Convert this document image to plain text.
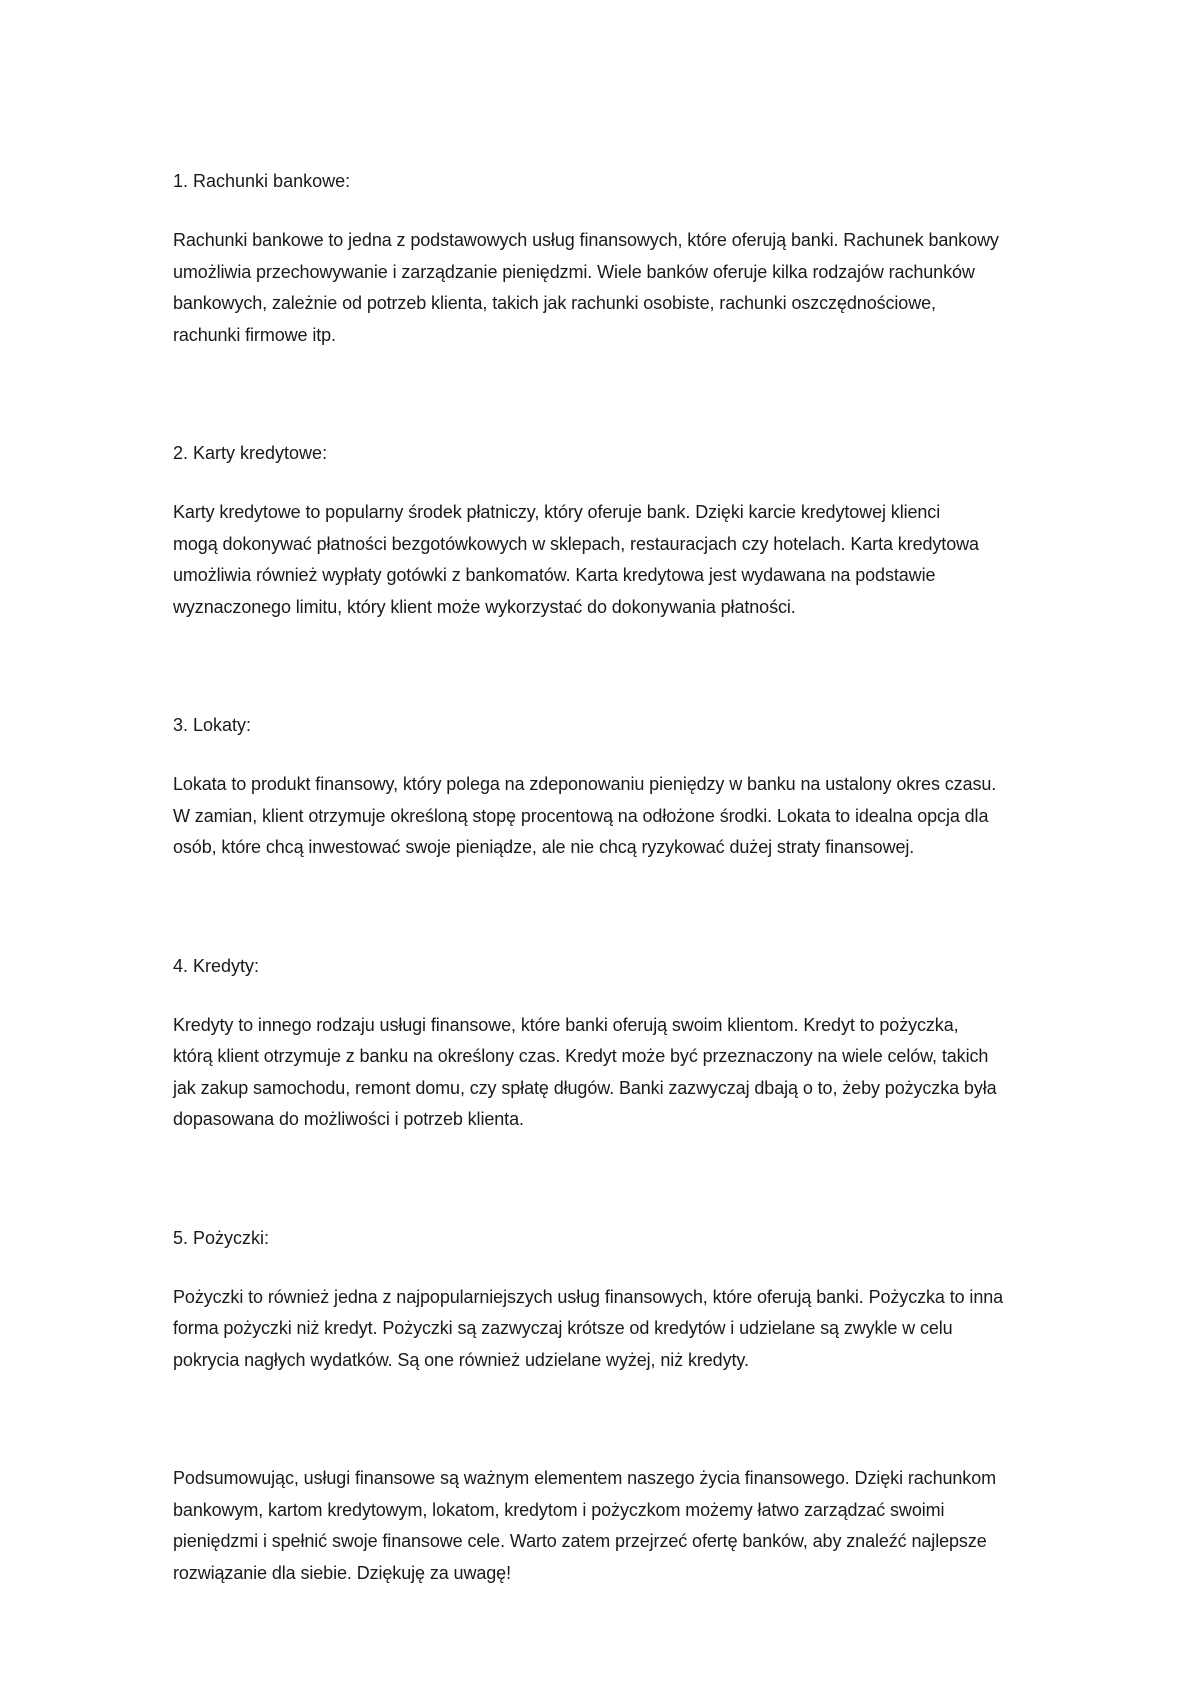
1. Rachunki bankowe:

Rachunki bankowe to jedna z podstawowych usług finansowych, które oferują banki. Rachunek bankowy
umożliwia przechowywanie i zarządzanie pieniędzmi. Wiele banków oferuje kilka rodzajów rachunków
bankowych, zależnie od potrzeb klienta, takich jak rachunki osobiste, rachunki oszczędnościowe,
rachunki firmowe itp.

2. Karty kredytowe:

Karty kredytowe to popularny środek płatniczy, który oferuje bank. Dzięki karcie kredytowej klienci
mogą dokonywać płatności bezgotówkowych w sklepach, restauracjach czy hotelach. Karta kredytowa
umożliwia również wypłaty gotówki z bankomatów. Karta kredytowa jest wydawana na podstawie
wyznaczonego limitu, który klient może wykorzystać do dokonywania płatności.

3. Lokaty:

Lokata to produkt finansowy, który polega na zdeponowaniu pieniędzy w banku na ustalony okres czasu.
W zamian, klient otrzymuje określoną stopę procentową na odłożone środki. Lokata to idealna opcja dla
osób, które chcą inwestować swoje pieniądze, ale nie chcą ryzykować dużej straty finansowej.

4. Kredyty:

Kredyty to innego rodzaju usługi finansowe, które banki oferują swoim klientom. Kredyt to pożyczka,
którą klient otrzymuje z banku na określony czas. Kredyt może być przeznaczony na wiele celów, takich
jak zakup samochodu, remont domu, czy spłatę długów. Banki zazwyczaj dbają o to, żeby pożyczka była
dopasowana do możliwości i potrzeb klienta.

5. Pożyczki:

Pożyczki to również jedna z najpopularniejszych usług finansowych, które oferują banki. Pożyczka to inna
forma pożyczki niż kredyt. Pożyczki są zazwyczaj krótsze od kredytów i udzielane są zwykle w celu
pokrycia nagłych wydatków. Są one również udzielane wyżej, niż kredyty.

Podsumowując, usługi finansowe są ważnym elementem naszego życia finansowego. Dzięki rachunkom
bankowym, kartom kredytowym, lokatom, kredytom i pożyczkom możemy łatwo zarządzać swoimi
pieniędzmi i spełnić swoje finansowe cele. Warto zatem przejrzeć ofertę banków, aby znaleźć najlepsze
rozwiązanie dla siebie. Dziękuję za uwagę!
